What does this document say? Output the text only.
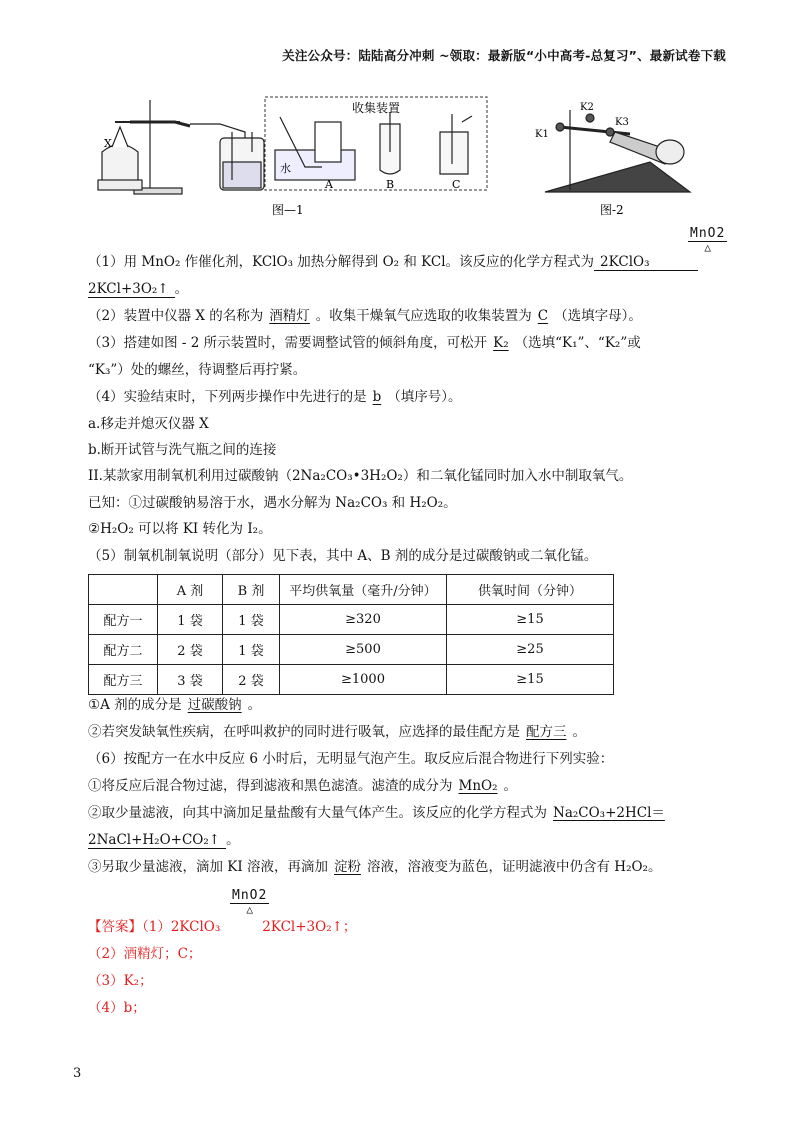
关注公众号：陆陆高分冲刺 ~领取：最新版“小中高考-总复习”、最新试卷下载
X
收集装置
水
A	B	C
K1
K2
K3
图—1	图-2
MnO2
△
（1）用 MnO₂ 作催化剂，KClO₃ 加热分解得到 O₂ 和 KCl。该反应的化学方程式为 2KClO₃
2KCl+3O₂↑ 。
（2）装置中仪器 X 的名称为 酒精灯 。收集干燥氧气应选取的收集装置为 C （选填字母）。
（3）搭建如图 - 2 所示装置时，需要调整试管的倾斜角度，可松开 K₂ （选填“K₁”、“K₂”或
“K₃”）处的螺丝，待调整后再拧紧。
（4）实验结束时，下列两步操作中先进行的是 b （填序号）。
a.移走并熄灭仪器 X
b.断开试管与洗气瓶之间的连接
II.某款家用制氧机利用过碳酸钠（2Na₂CO₃•3H₂O₂）和二氧化锰同时加入水中制取氧气。
已知：①过碳酸钠易溶于水，遇水分解为 Na₂CO₃ 和 H₂O₂。
②H₂O₂ 可以将 KI 转化为 I₂。
（5）制氧机制氧说明（部分）见下表，其中 A、B 剂的成分是过碳酸钠或二氧化锰。
	A 剂	B 剂	平均供氧量（毫升/分钟）	供氧时间（分钟）
配方一	1 袋	1 袋	≥320	≥15
配方二	2 袋	1 袋	≥500	≥25
配方三	3 袋	2 袋	≥1000	≥15
①A 剂的成分是 过碳酸钠 。
②若突发缺氧性疾病，在呼叫救护的同时进行吸氧，应选择的最佳配方是 配方三 。
（6）按配方一在水中反应 6 小时后，无明显气泡产生。取反应后混合物进行下列实验：
①将反应后混合物过滤，得到滤液和黑色滤渣。滤渣的成分为 MnO₂ 。
②取少量滤液，向其中滴加足量盐酸有大量气体产生。该反应的化学方程式为 Na₂CO₃+2HCl＝
2NaCl+H₂O+CO₂↑ 。
③另取少量滤液，滴加 KI 溶液，再滴加 淀粉 溶液，溶液变为蓝色，证明滤液中仍含有 H₂O₂。
MnO2
△
【答案】（1）2KClO₃	2KCl+3O₂↑；
（2）酒精灯；C；
（3）K₂；
（4）b；
3
